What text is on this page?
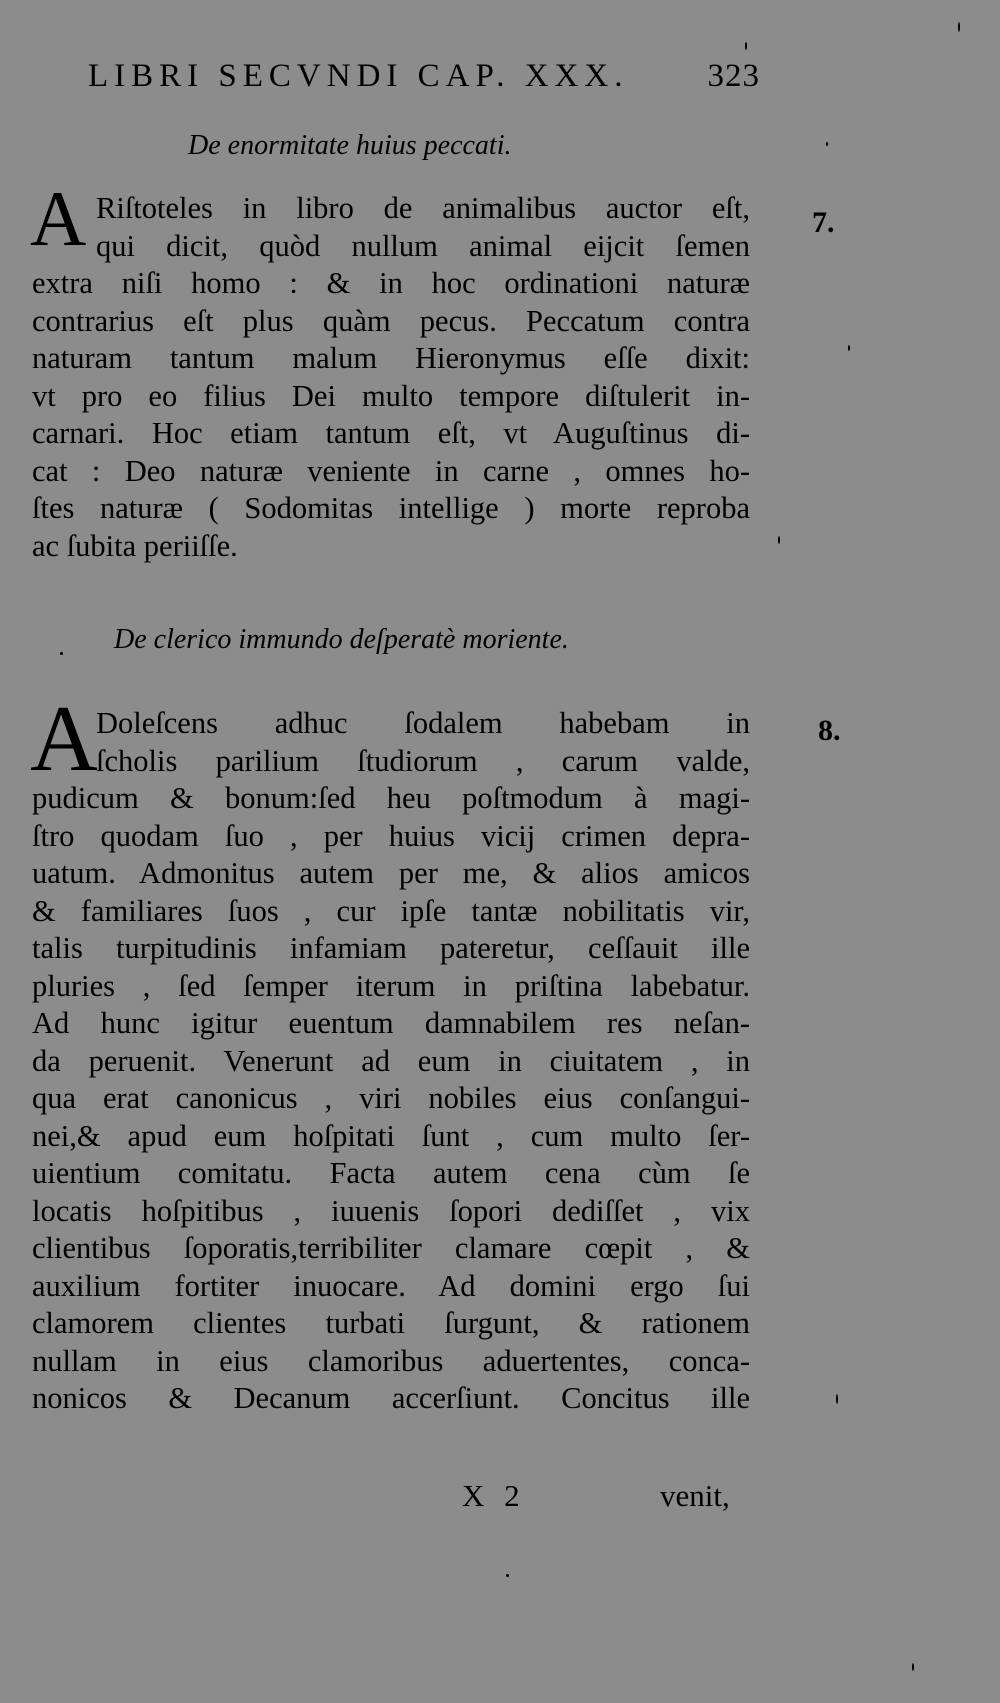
LIBRI SECVNDI CAP. XXX. 323
De enormitate huius peccati.
7.
A Riſtoteles in libro de animalibus auctor eſt,
qui dicit, quòd nullum animal eijcit ſemen
extra niſi homo : & in hoc ordinationi naturæ
contrarius eſt plus quàm pecus. Peccatum contra
naturam tantum malum Hieronymus eſſe dixit:
vt pro eo filius Dei multo tempore diſtulerit in-
carnari. Hoc etiam tantum eſt, vt Auguſtinus di-
cat : Deo naturæ veniente in carne , omnes ho-
ſtes naturæ ( Sodomitas intellige ) morte reproba
ac ſubita periiſſe.
De clerico immundo deſperatè moriente.
8.
A
Doleſcens adhuc ſodalem habebam in
ſcholis parilium ſtudiorum , carum valde,
pudicum & bonum:ſed heu poſtmodum à magi-
ſtro quodam ſuo , per huius vicij crimen depra-
uatum. Admonitus autem per me, & alios amicos
& familiares ſuos , cur ipſe tantæ nobilitatis vir,
talis turpitudinis infamiam pateretur, ceſſauit ille
pluries , ſed ſemper iterum in priſtina labebatur.
Ad hunc igitur euentum damnabilem res neſan-
da peruenit. Venerunt ad eum in ciuitatem , in
qua erat canonicus , viri nobiles eius conſangui-
nei,& apud eum hoſpitati ſunt , cum multo ſer-
uientium comitatu. Facta autem cena cùm ſe
locatis hoſpitibus , iuuenis ſopori dediſſet , vix
clientibus ſoporatis,terribiliter clamare cœpit , &
auxilium fortiter inuocare. Ad domini ergo ſui
clamorem clientes turbati ſurgunt, & rationem
nullam in eius clamoribus aduertentes, conca-
nonicos & Decanum accerſiunt. Concitus ille
X 2	venit,
